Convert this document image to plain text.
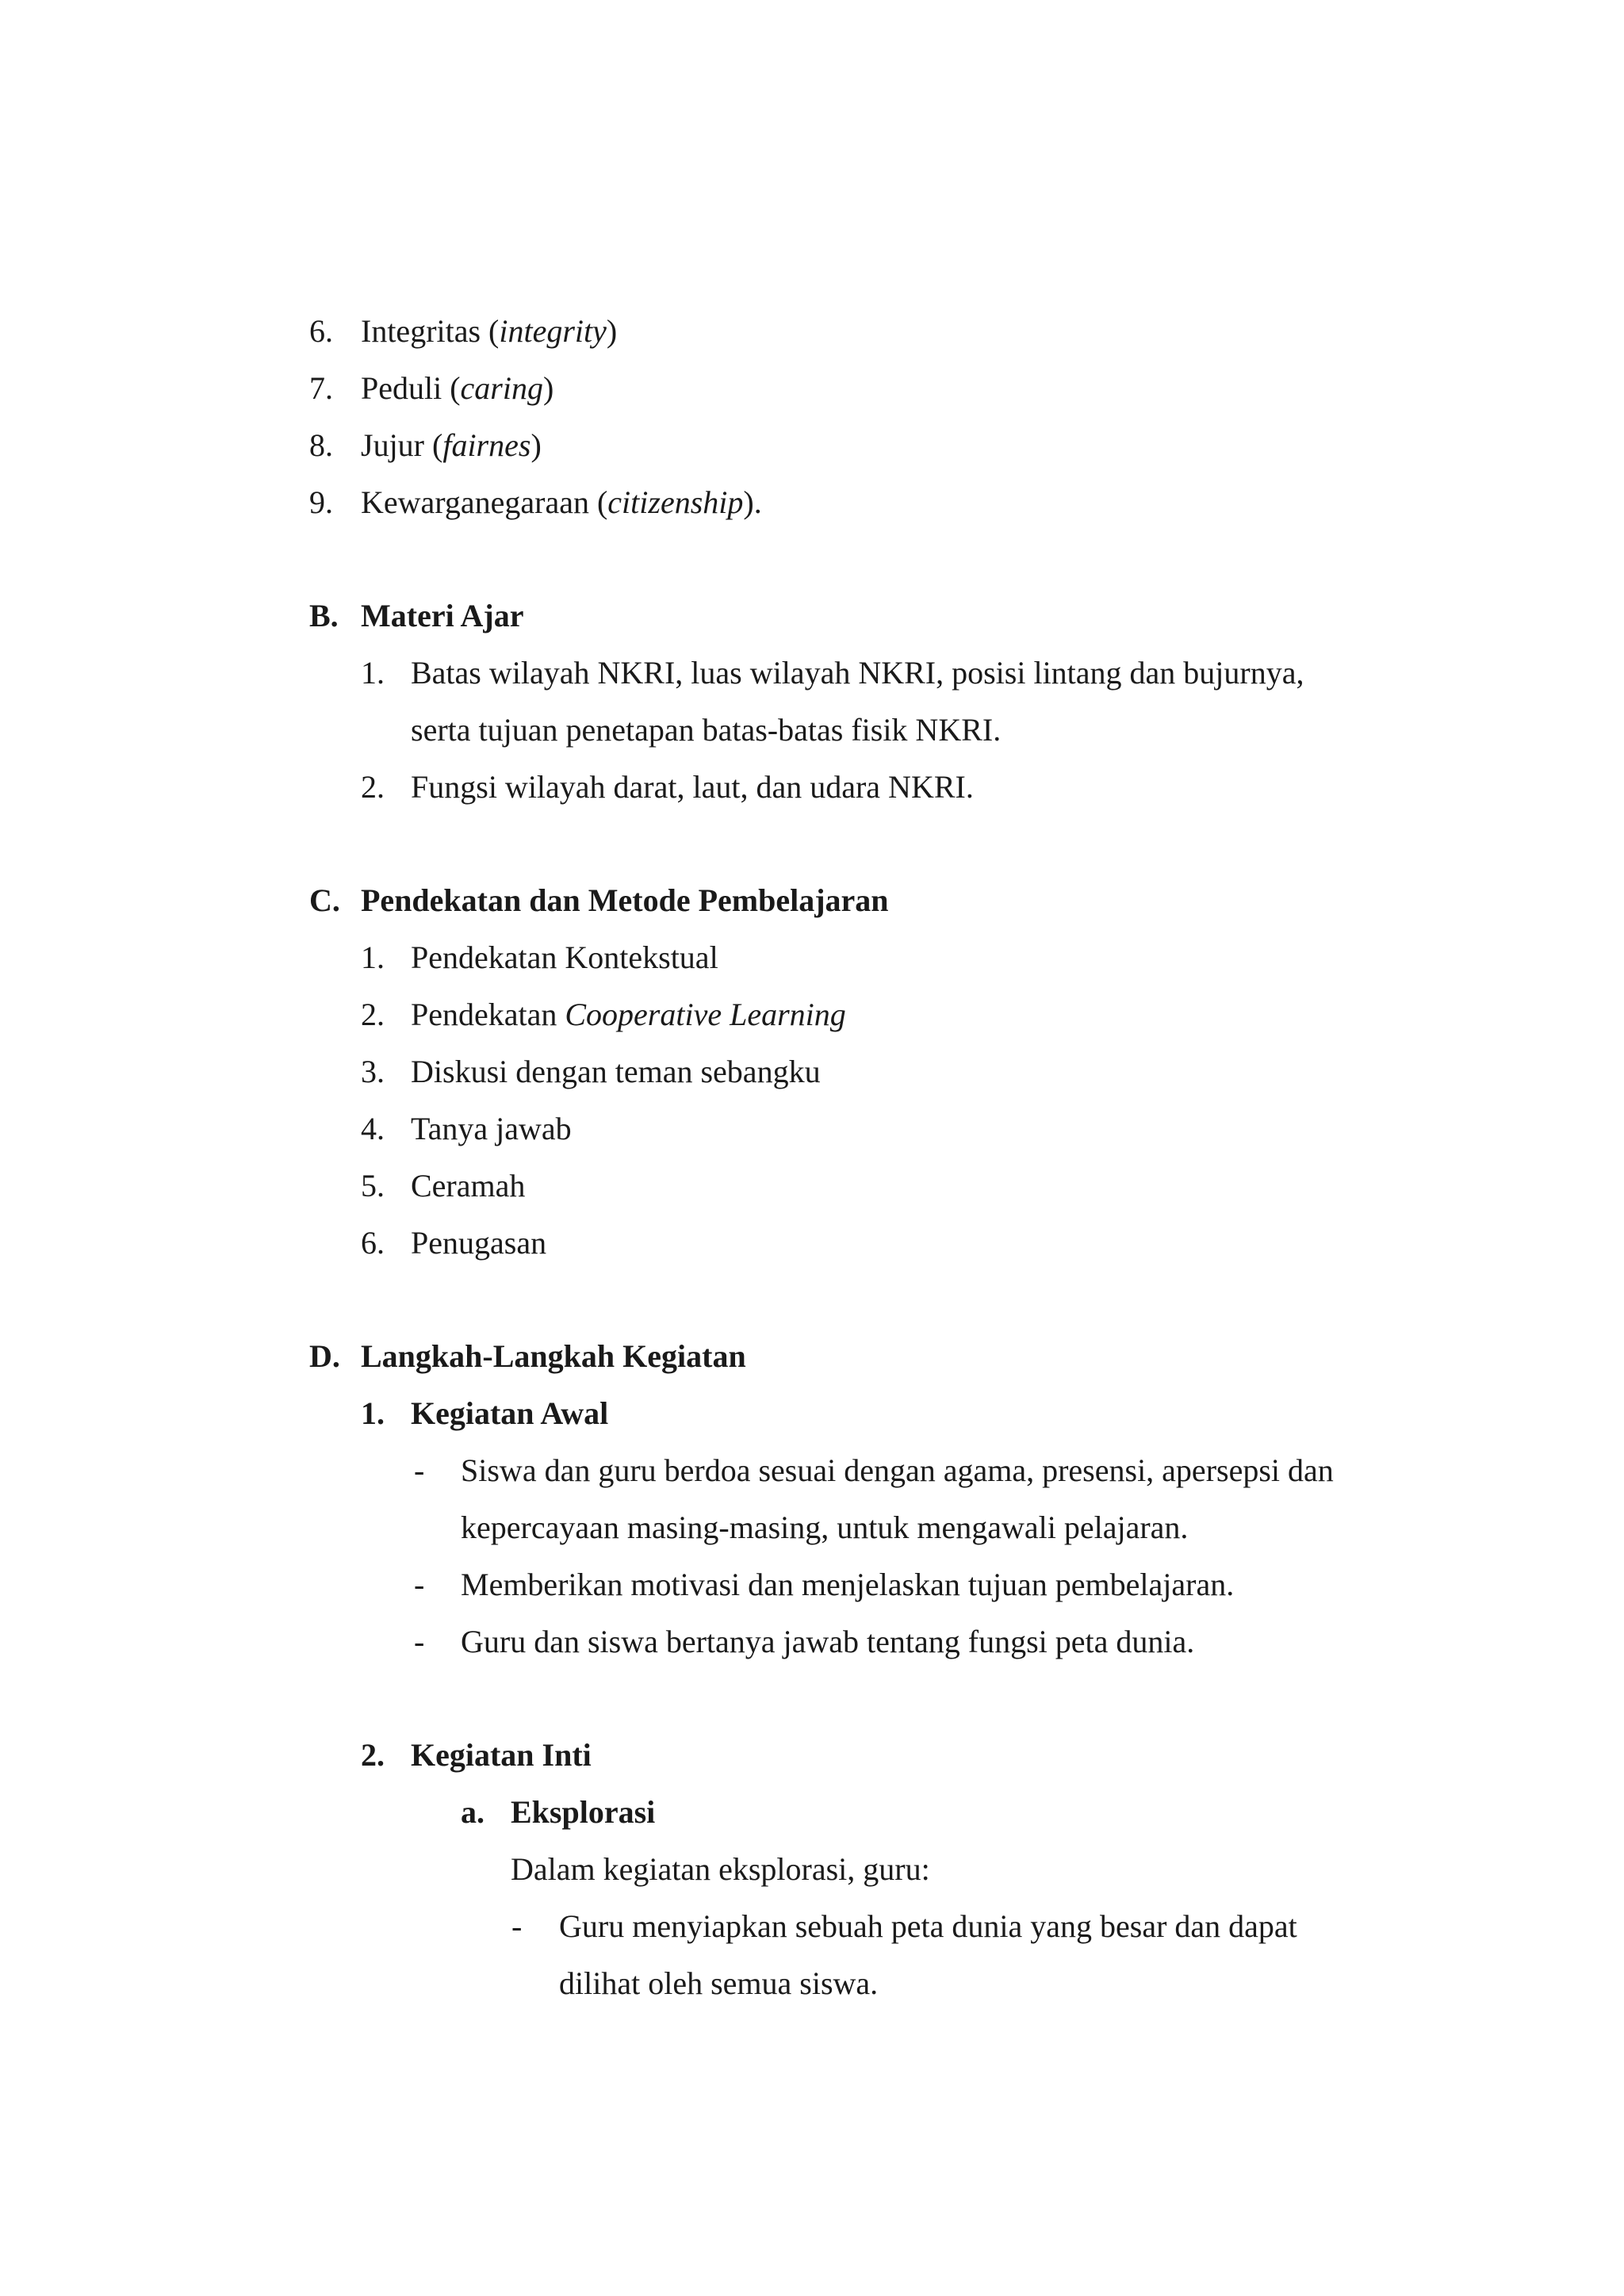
6. Integritas (integrity)
7. Peduli (caring)
8. Jujur (fairnes)
9. Kewarganegaraan (citizenship).
B. Materi Ajar
1. Batas wilayah NKRI, luas wilayah NKRI, posisi lintang dan bujurnya,
serta tujuan penetapan batas-batas fisik NKRI.
2. Fungsi wilayah darat, laut, dan udara NKRI.
C. Pendekatan dan Metode Pembelajaran
1. Pendekatan Kontekstual
2. Pendekatan Cooperative Learning
3. Diskusi dengan teman sebangku
4. Tanya jawab
5. Ceramah
6. Penugasan
D. Langkah-Langkah Kegiatan
1. Kegiatan Awal
- Siswa dan guru berdoa sesuai dengan agama, presensi, apersepsi dan
kepercayaan masing-masing, untuk mengawali pelajaran.
- Memberikan motivasi dan menjelaskan tujuan pembelajaran.
- Guru dan siswa bertanya jawab tentang fungsi peta dunia.
2. Kegiatan Inti
a. Eksplorasi
Dalam kegiatan eksplorasi, guru:
- Guru menyiapkan sebuah peta dunia yang besar dan dapat
dilihat oleh semua siswa.
